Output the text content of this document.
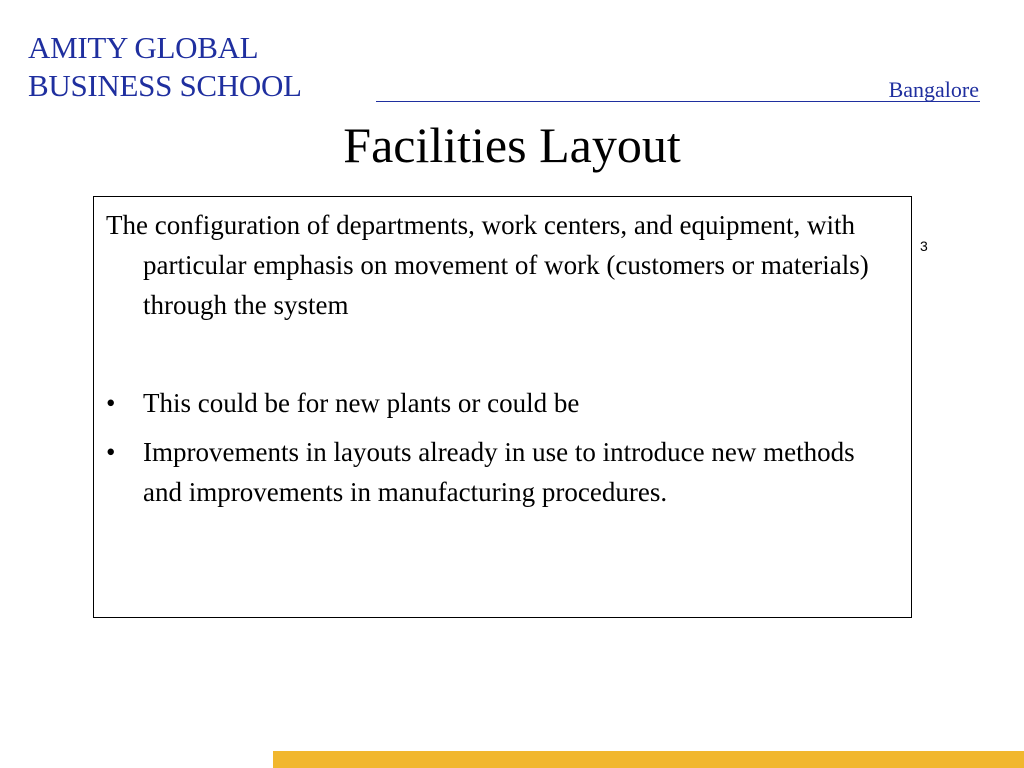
AMITY GLOBAL
BUSINESS SCHOOL	Bangalore
Facilities Layout

The configuration of departments, work centers, and equipment, with particular emphasis on movement of work (customers or materials) through the system

•	This could be for new plants or could be
•	Improvements in layouts already in use to introduce new methods and improvements in manufacturing procedures.
3
